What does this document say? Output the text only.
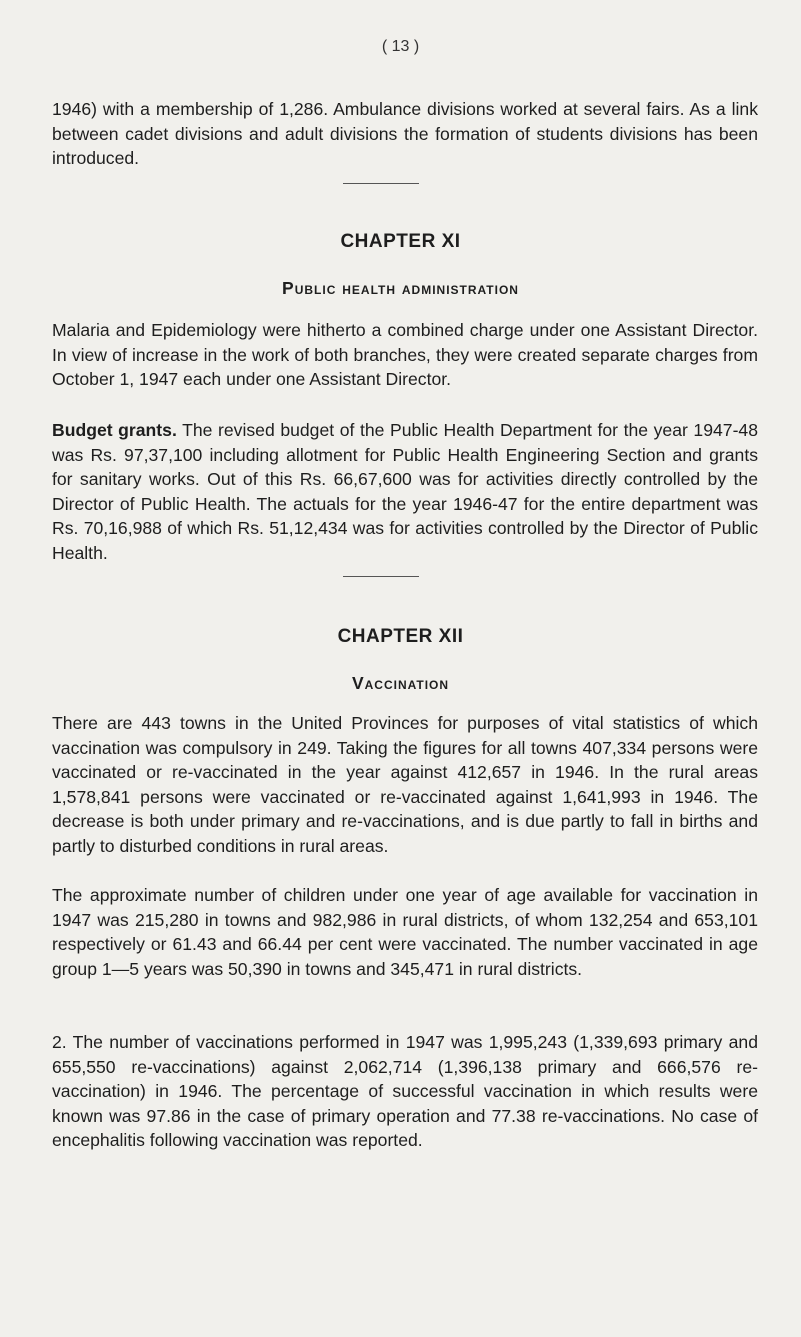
( 13 )

1946) with a membership of 1,286. Ambulance divisions worked at several fairs. As a link between cadet divisions and adult divisions the formation of students divisions has been introduced.

CHAPTER XI
Public health administration

Malaria and Epidemiology were hitherto a combined charge under one Assistant Director. In view of increase in the work of both branches, they were created separate charges from October 1, 1947 each under one Assistant Director.

Budget grants. The revised budget of the Public Health Department for the year 1947-48 was Rs. 97,37,100 including allotment for Public Health Engineering Section and grants for sanitary works. Out of this Rs. 66,67,600 was for activities directly controlled by the Director of Public Health. The actuals for the year 1946-47 for the entire department was Rs. 70,16,988 of which Rs. 51,12,434 was for activities controlled by the Director of Public Health.

CHAPTER XII
Vaccination

There are 443 towns in the United Provinces for purposes of vital statistics of which vaccination was compulsory in 249. Taking the figures for all towns 407,334 persons were vaccinated or re-vaccinated in the year against 412,657 in 1946. In the rural areas 1,578,841 persons were vaccinated or re-vaccinated against 1,641,993 in 1946. The decrease is both under primary and re-vaccinations, and is due partly to fall in births and partly to disturbed conditions in rural areas.

The approximate number of children under one year of age available for vaccination in 1947 was 215,280 in towns and 982,986 in rural districts, of whom 132,254 and 653,101 respectively or 61.43 and 66.44 per cent were vaccinated. The number vaccinated in age group 1—5 years was 50,390 in towns and 345,471 in rural districts.

2. The number of vaccinations performed in 1947 was 1,995,243 (1,339,693 primary and 655,550 re-vaccinations) against 2,062,714 (1,396,138 primary and 666,576 re-vaccination) in 1946. The percentage of successful vaccination in which results were known was 97.86 in the case of primary operation and 77.38 re-vaccinations. No case of encephalitis following vaccination was reported.
